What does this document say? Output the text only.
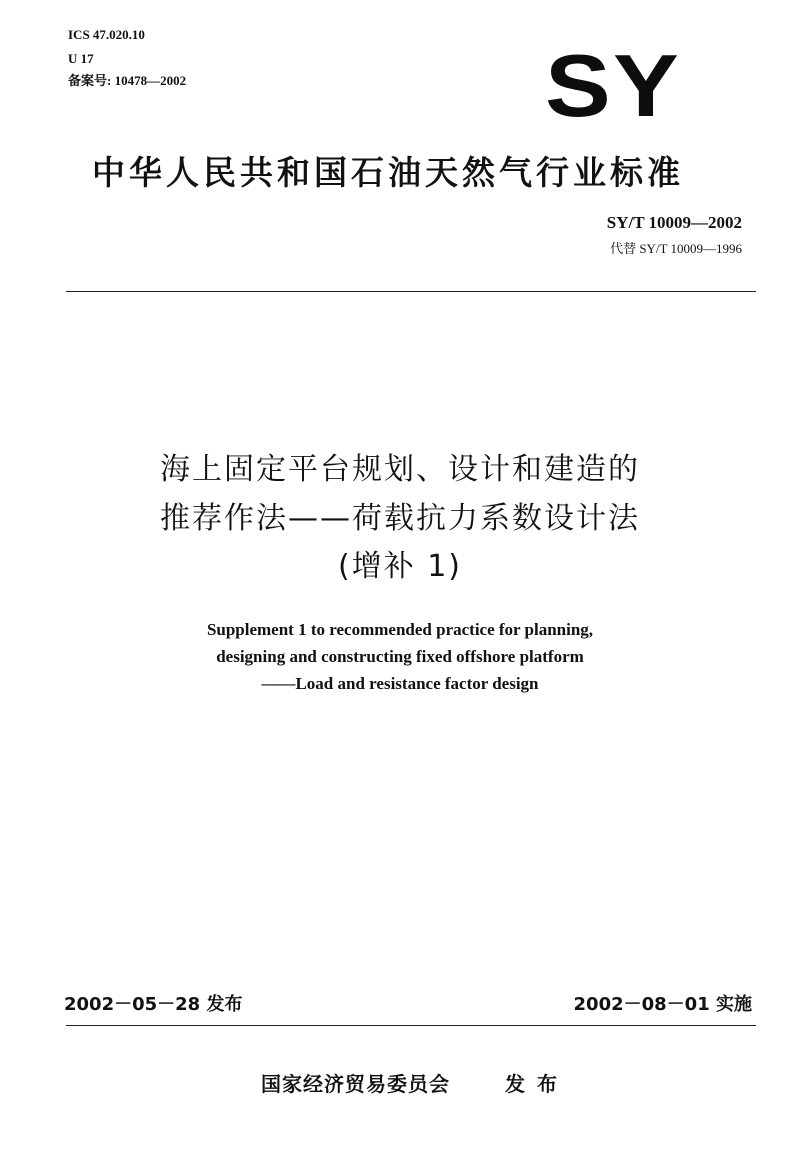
ICS 47.020.10
U 17
备案号: 10478—2002	SY
中华人民共和国石油天然气行业标准
SY/T 10009—2002
代替 SY/T 10009—1996
海上固定平台规划、设计和建造的
推荐作法——荷载抗力系数设计法
(增补 1)
Supplement 1 to recommended practice for planning,
designing and constructing fixed offshore platform
——Load and resistance factor design
2002－05－28 发布	2002－08－01 实施
国家经济贸易委员会	发布
